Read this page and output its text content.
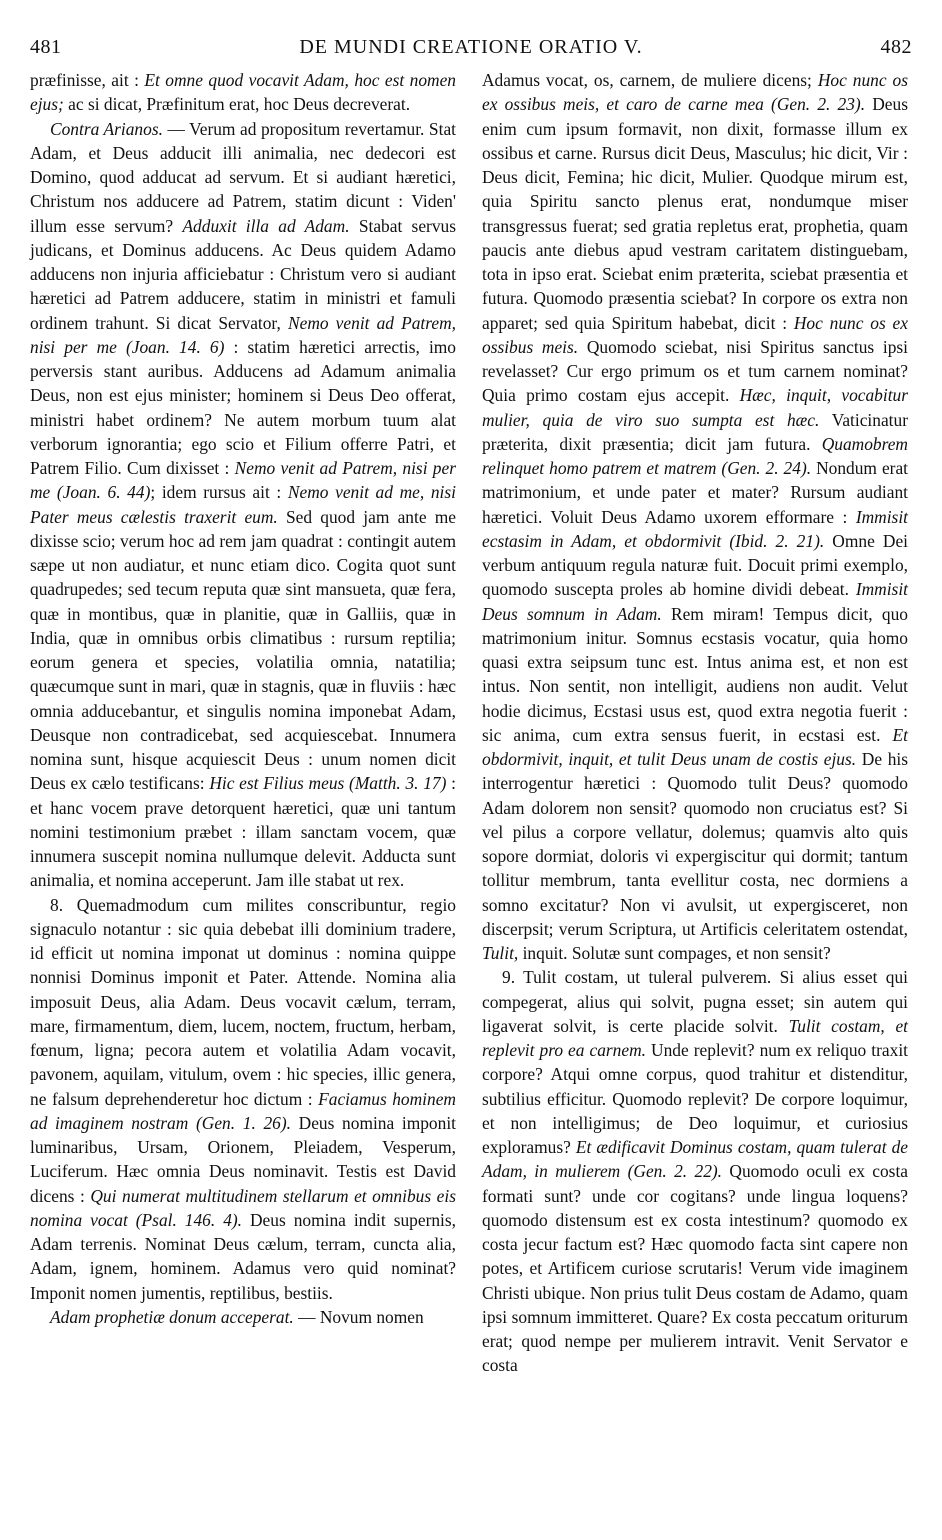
481	DE MUNDI CREATIONE ORATIO V.	482

præfinisse, ait : Et omne quod vocavit Adam, hoc est nomen ejus; ac si dicat, Præfinitum erat, hoc Deus decreverat.

Contra Arianos. — Verum ad propositum revertamur. Stat Adam, et Deus adducit illi animalia, nec dedecori est Domino, quod adducat ad servum. Et si audiant hæretici, Christum nos adducere ad Patrem, statim dicunt : Viden' illum esse servum? Adduxit illa ad Adam. Stabat servus judicans, et Dominus adducens. Ac Deus quidem Adamo adducens non injuria afficiebatur : Christum vero si audiant hæretici ad Patrem adducere, statim in ministri et famuli ordinem trahunt. Si dicat Servator, Nemo venit ad Patrem, nisi per me (Joan. 14. 6) : statim hæretici arrectis, imo perversis stant auribus. Adducens ad Adamum animalia Deus, non est ejus minister; hominem si Deus Deo offerat, ministri habet ordinem? Ne autem morbum tuum alat verborum ignorantia; ego scio et Filium offerre Patri, et Patrem Filio. Cum dixisset : Nemo venit ad Patrem, nisi per me (Joan. 6. 44); idem rursus ait : Nemo venit ad me, nisi Pater meus cælestis traxerit eum. Sed quod jam ante me dixisse scio; verum hoc ad rem jam quadrat : contingit autem sæpe ut non audiatur, et nunc etiam dico. Cogita quot sunt quadrupedes; sed tecum reputa quæ sint mansueta, quæ fera, quæ in montibus, quæ in planitie, quæ in Galliis, quæ in India, quæ in omnibus orbis climatibus : rursum reptilia; eorum genera et species, volatilia omnia, natatilia; quæcumque sunt in mari, quæ in stagnis, quæ in fluviis : hæc omnia adducebantur, et singulis nomina imponebat Adam, Deusque non contradicebat, sed acquiescebat. Innumera nomina sunt, hisque acquiescit Deus : unum nomen dicit Deus ex cælo testificans: Hic est Filius meus (Matth. 3. 17) : et hanc vocem prave detorquent hæretici, quæ uni tantum nomini testimonium præbet : illam sanctam vocem, quæ innumera suscepit nomina nullumque delevit. Adducta sunt animalia, et nomina acceperunt. Jam ille stabat ut rex.

8. Quemadmodum cum milites conscribuntur, regio signaculo notantur : sic quia debebat illi dominium tradere, id efficit ut nomina imponat ut dominus : nomina quippe nonnisi Dominus imponit et Pater. Attende. Nomina alia imposuit Deus, alia Adam. Deus vocavit cælum, terram, mare, firmamentum, diem, lucem, noctem, fructum, herbam, fœnum, ligna; pecora autem et volatilia Adam vocavit, pavonem, aquilam, vitulum, ovem : hic species, illic genera, ne falsum deprehenderetur hoc dictum : Faciamus hominem ad imaginem nostram (Gen. 1. 26). Deus nomina imponit luminaribus, Ursam, Orionem, Pleiadem, Vesperum, Luciferum. Hæc omnia Deus nominavit. Testis est David dicens : Qui numerat multitudinem stellarum et omnibus eis nomina vocat (Psal. 146. 4). Deus nomina indit supernis, Adam terrenis. Nominat Deus cælum, terram, cuncta alia, Adam, ignem, hominem. Adamus vero quid nominat? Imponit nomen jumentis, reptilibus, bestiis.

Adam prophetiæ donum acceperat. — Novum nomen

Adamus vocat, os, carnem, de muliere dicens; Hoc nunc os ex ossibus meis, et caro de carne mea (Gen. 2. 23). Deus enim cum ipsum formavit, non dixit, formasse illum ex ossibus et carne. Rursus dicit Deus, Masculus; hic dicit, Vir : Deus dicit, Femina; hic dicit, Mulier. Quodque mirum est, quia Spiritu sancto plenus erat, nondumque miser transgressus fuerat; sed gratia repletus erat, prophetia, quam paucis ante diebus apud vestram caritatem distinguebam, tota in ipso erat. Sciebat enim præterita, sciebat præsentia et futura. Quomodo præsentia sciebat? In corpore os extra non apparet; sed quia Spiritum habebat, dicit : Hoc nunc os ex ossibus meis. Quomodo sciebat, nisi Spiritus sanctus ipsi revelasset? Cur ergo primum os et tum carnem nominat? Quia primo costam ejus accepit. Hæc, inquit, vocabitur mulier, quia de viro suo sumpta est hæc. Vaticinatur præterita, dixit præsentia; dicit jam futura. Quamobrem relinquet homo patrem et matrem (Gen. 2. 24). Nondum erat matrimonium, et unde pater et mater? Rursum audiant hæretici. Voluit Deus Adamo uxorem efformare : Immisit ecstasim in Adam, et obdormivit (Ibid. 2. 21). Omne Dei verbum antiquum regula naturæ fuit. Docuit primi exemplo, quomodo suscepta proles ab homine dividi debeat. Immisit Deus somnum in Adam. Rem miram! Tempus dicit, quo matrimonium initur. Somnus ecstasis vocatur, quia homo quasi extra seipsum tunc est. Intus anima est, et non est intus. Non sentit, non intelligit, audiens non audit. Velut hodie dicimus, Ecstasi usus est, quod extra negotia fuerit : sic anima, cum extra sensus fuerit, in ecstasi est. Et obdormivit, inquit, et tulit Deus unam de costis ejus. De his interrogentur hæretici : Quomodo tulit Deus? quomodo Adam dolorem non sensit? quomodo non cruciatus est? Si vel pilus a corpore vellatur, dolemus; quamvis alto quis sopore dormiat, doloris vi expergiscitur qui dormit; tantum tollitur membrum, tanta evellitur costa, nec dormiens a somno excitatur? Non vi avulsit, ut expergisceret, non discerpsit; verum Scriptura, ut Artificis celeritatem ostendat, Tulit, inquit. Solutæ sunt compages, et non sensit?

9. Tulit costam, ut tuleral pulverem. Si alius esset qui compegerat, alius qui solvit, pugna esset; sin autem qui ligaverat solvit, is certe placide solvit. Tulit costam, et replevit pro ea carnem. Unde replevit? num ex reliquo traxit corpore? Atqui omne corpus, quod trahitur et distenditur, subtilius efficitur. Quomodo replevit? De corpore loquimur, et non intelligimus; de Deo loquimur, et curiosius exploramus? Et ædificavit Dominus costam, quam tulerat de Adam, in mulierem (Gen. 2. 22). Quomodo oculi ex costa formati sunt? unde cor cogitans? unde lingua loquens? quomodo distensum est ex costa intestinum? quomodo ex costa jecur factum est? Hæc quomodo facta sint capere non potes, et Artificem curiose scrutaris! Verum vide imaginem Christi ubique. Non prius tulit Deus costam de Adamo, quam ipsi somnum immitteret. Quare? Ex costa peccatum oriturum erat; quod nempe per mulierem intravit. Venit Servator e costa
